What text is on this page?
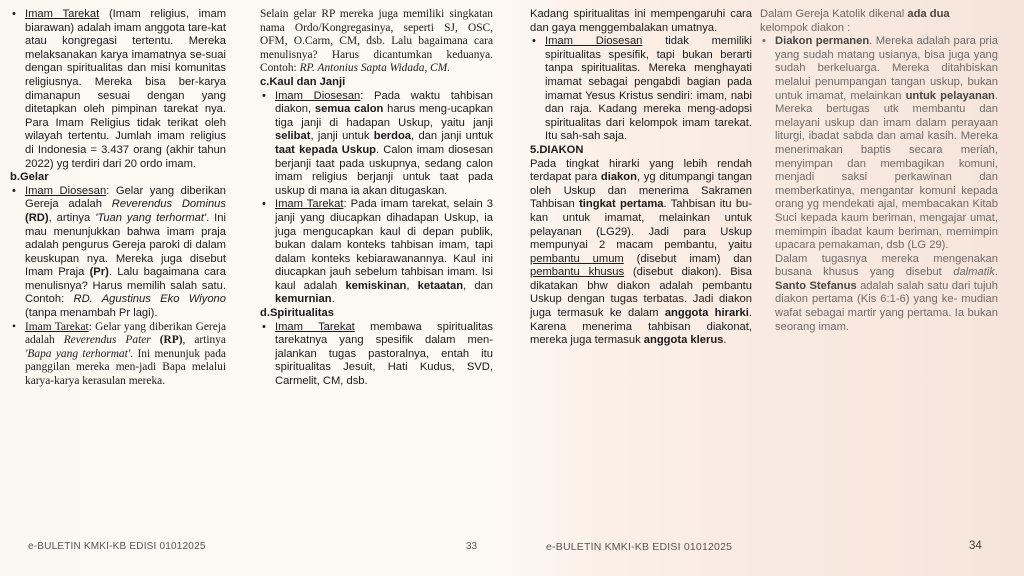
• Imam Tarekat (Imam religius, imam biarawan) adalah imam anggota tare-kat atau kongregasi tertentu. Mereka melaksanakan karya imamatnya se-suai dengan spiritualitas dan misi komunitas religiusnya. Mereka bisa ber-karya dimanapun sesuai dengan yang ditetapkan oleh pimpinan tarekat nya. Para Imam Religius tidak terikat oleh wilayah tertentu. Jumlah imam religius di Indonesia = 3.437 orang (akhir tahun 2022) yg terdiri dari 20 ordo imam.

b.Gelar

• Imam Diosesan: Gelar yang diberikan Gereja adalah Reverendus Dominus (RD), artinya 'Tuan yang terhormat'. Ini mau menunjukkan bahwa imam praja adalah pengurus Gereja paroki di dalam keuskupan nya. Mereka juga disebut Imam Praja (Pr). Lalu bagaimana cara menulisnya? Harus memilih salah satu. Contoh: RD. Agustinus Eko Wiyono (tanpa menambah Pr lagi).

• Imam Tarekat: Gelar yang diberikan Gereja adalah Reverendus Pater (RP), artinya 'Bapa yang terhormat'. Ini menunjuk pada panggilan mereka men-jadi Bapa melalui karya-karya kerasulan mereka.

Selain gelar RP mereka juga memiliki singkatan nama Ordo/Kongregasinya, seperti SJ, OSC, OFM, O.Carm, CM, dsb. Lalu bagaimana cara menulisnya? Harus dicantumkan keduanya. Contoh: RP. Antonius Sapta Widada, CM.

c.Kaul dan Janji

• Imam Diosesan: Pada waktu tahbisan diakon, semua calon harus meng-ucapkan tiga janji di hadapan Uskup, yaitu janji selibat, janji untuk berdoa, dan janji untuk taat kepada Uskup. Calon imam diosesan berjanji taat pada uskupnya, sedang calon imam religius berjanji untuk taat pada uskup di mana ia akan ditugaskan.

• Imam Tarekat: Pada imam tarekat, selain 3 janji yang diucapkan dihadapan Uskup, ia juga mengucapkan kaul di depan publik, bukan dalam konteks tahbisan imam, tapi dalam konteks kebiarawanannya. Kaul ini diucapkan jauh sebelum tahbisan imam. Isi kaul adalah kemiskinan, ketaatan, dan kemurnian.

d.Spiritualitas

• Imam Tarekat membawa spiritualitas tarekatnya yang spesifik dalam men-jalankan tugas pastoralnya, entah itu spiritualitas Jesuit, Hati Kudus, SVD, Carmelit, CM, dsb.

e-BULETIN KMKI-KB EDISI 01012025	33

Kadang spiritualitas ini mempengaruhi cara dan gaya menggembalakan umatnya.

• Imam Diosesan tidak memiliki spiritualitas spesifik, tapi bukan berarti tanpa spiritualitas. Mereka menghayati imamat sebagai pengabdi bagian pada imamat Yesus Kristus sendiri: imam, nabi dan raja. Kadang mereka meng-adopsi spiritualitas dari kelompok imam tarekat. Itu sah-sah saja.

5.DIAKON

Pada tingkat hirarki yang lebih rendah terdapat para diakon, yg ditumpangi tangan oleh Uskup dan menerima Sakramen Tahbisan tingkat pertama. Tahbisan itu bu-kan untuk imamat, melainkan untuk pelayanan (LG29). Jadi para Uskup mempunyai 2 macam pembantu, yaitu pembantu umum (disebut imam) dan pembantu khusus (disebut diakon). Bisa dikatakan bhw diakon adalah pembantu Uskup dengan tugas terbatas. Jadi diakon juga termasuk ke dalam anggota hirarki. Karena menerima tahbisan diakonat, mereka juga termasuk anggota klerus.

Dalam Gereja Katolik dikenal ada dua kelompok diakon :

• Diakon permanen. Mereka adalah para pria yang sudah matang usianya, bisa juga yang sudah berkeluarga. Mereka ditahbiskan melalui penumpangan tangan uskup, bukan untuk imamat, melainkan untuk pelayanan. Mereka bertugas utk membantu dan melayani uskup dan imam dalam perayaan liturgi, ibadat sabda dan amal kasih. Mereka menerimakan baptis secara meriah, menyimpan dan membagikan komuni, menjadi saksi perkawinan dan memberkatinya, mengantar komuni kepada orang yg mendekati ajal, membacakan Kitab Suci kepada kaum beriman, mengajar umat, memimpin ibadat kaum beriman, memimpin upacara pemakaman, dsb (LG 29).

Dalam tugasnya mereka mengenakan busana khusus yang disebut dalmatik. Santo Stefanus adalah salah satu dari tujuh diakon pertama (Kis 6:1-6) yang ke- mudian wafat sebagai martir yang pertama. Ia bukan seorang imam.

e-BULETIN KMKI-KB EDISI 01012025	34
